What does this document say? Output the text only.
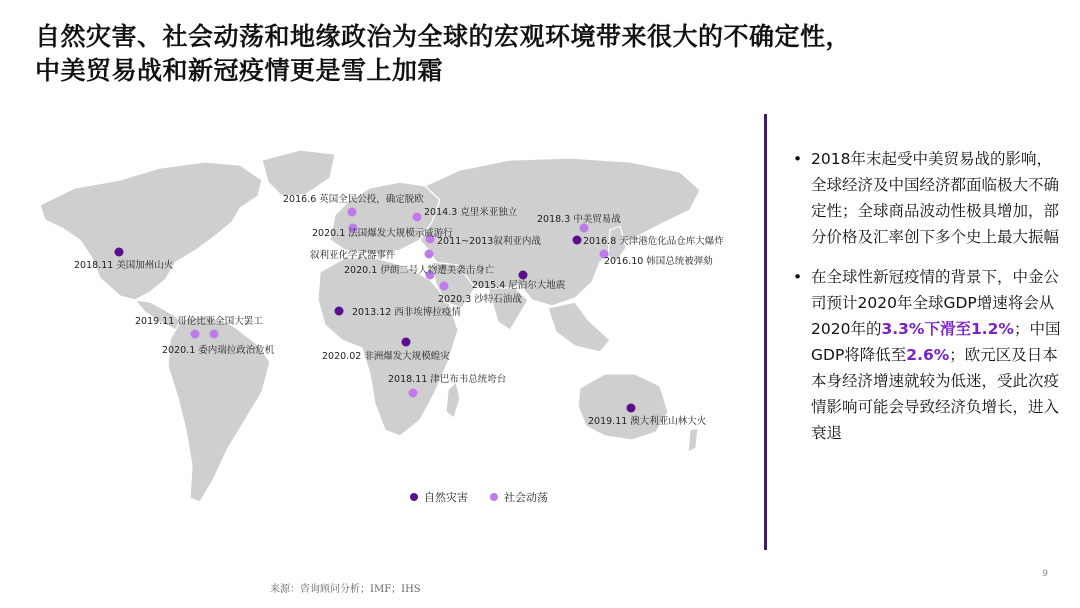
自然灾害、社会动荡和地缘政治为全球的宏观环境带来很大的不确定性，
中美贸易战和新冠疫情更是雪上加霜
2016.6 英国全民公投，确定脱欧
2014.3 克里米亚独立
2018.3 中美贸易战
2020.1 法国爆发大规模示威游行
2011~2013叙利亚内战	2016.8 天津港危化品仓库大爆炸
叙利亚化学武器事件
2016.10 韩国总统被弹劾
2020.1 伊朗二号人物遭美袭击身亡
2015.4 尼泊尔大地震
2020.3 沙特石油战
2018.11 美国加州山火
2013.12 西非埃博拉疫情
2019.11 哥伦比亚全国大罢工
2020.1 委内瑞拉政治危机
2020.02 非洲爆发大规模蝗灾
2018.11 津巴布韦总统垮台
2019.11 澳大利亚山林大火
自然灾害	社会动荡
• 2018年末起受中美贸易战的影响，全球经济及中国经济都面临极大不确定性；全球商品波动性极具增加，部分价格及汇率创下多个史上最大振幅
• 在全球性新冠疫情的背景下，中金公司预计2020年全球GDP增速将会从2020年的3.3%下滑至1.2%；中国GDP将降低至2.6%；欧元区及日本本身经济增速就较为低迷，受此次疫情影响可能会导致经济负增长，进入衰退
来源：咨询顾问分析；IMF；IHS
9
